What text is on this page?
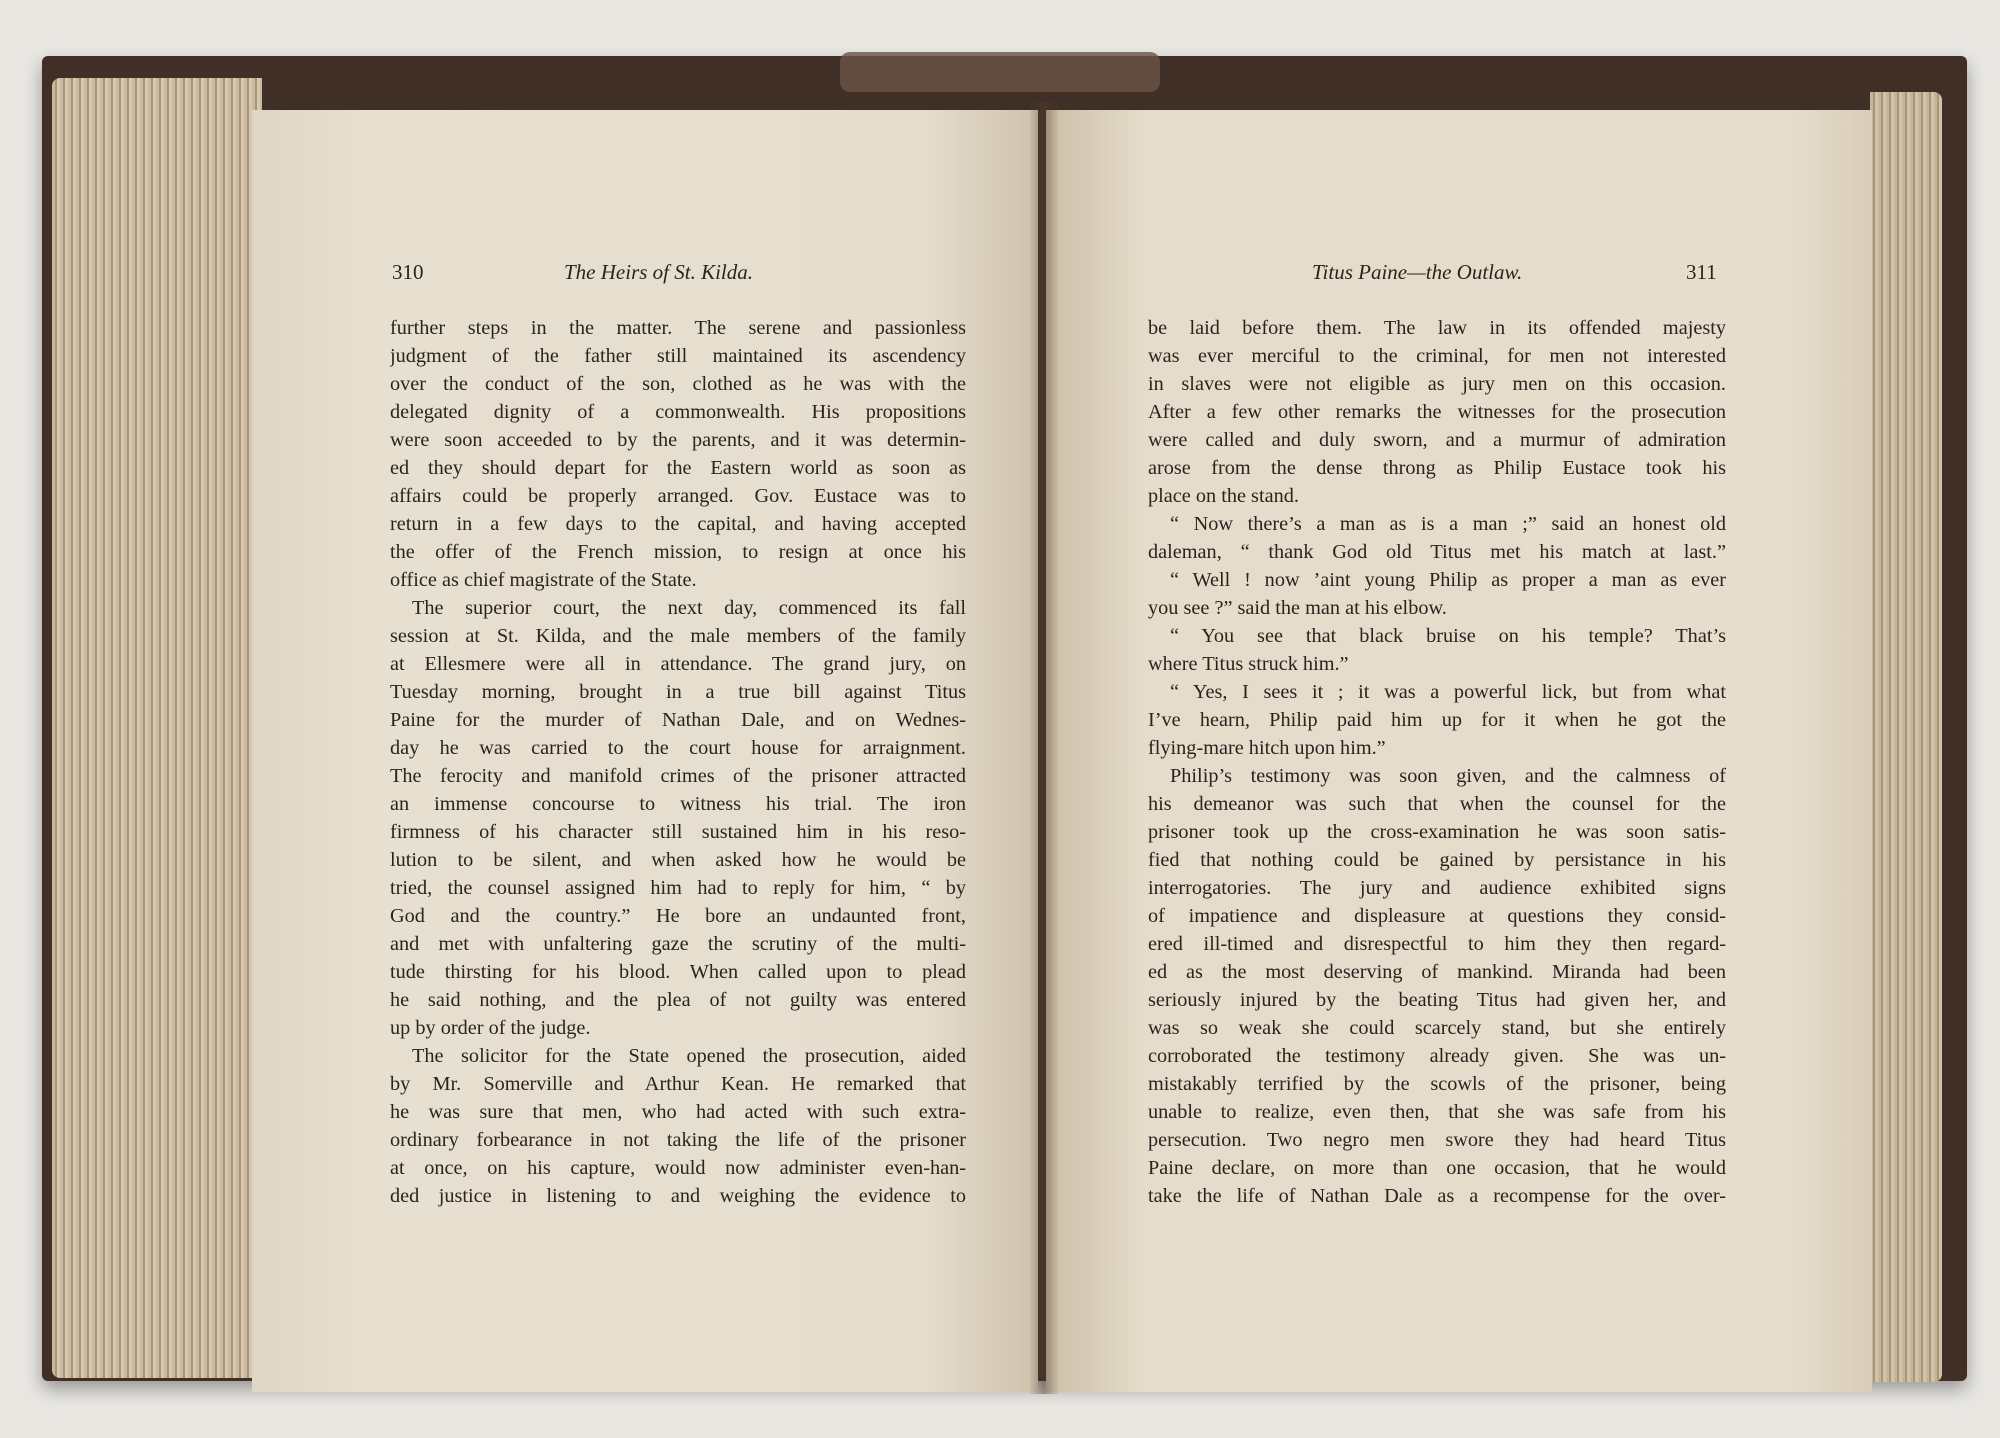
310	The Heirs of St. Kilda.
further steps in the matter. The serene and passionless
judgment of the father still maintained its ascendency
over the conduct of the son, clothed as he was with the
delegated dignity of a commonwealth. His propositions
were soon acceeded to by the parents, and it was determin-
ed they should depart for the Eastern world as soon as
affairs could be properly arranged. Gov. Eustace was to
return in a few days to the capital, and having accepted
the offer of the French mission, to resign at once his
office as chief magistrate of the State.
The superior court, the next day, commenced its fall
session at St. Kilda, and the male members of the family
at Ellesmere were all in attendance. The grand jury, on
Tuesday morning, brought in a true bill against Titus
Paine for the murder of Nathan Dale, and on Wednes-
day he was carried to the court house for arraignment.
The ferocity and manifold crimes of the prisoner attracted
an immense concourse to witness his trial. The iron
firmness of his character still sustained him in his reso-
lution to be silent, and when asked how he would be
tried, the counsel assigned him had to reply for him, “ by
God and the country.” He bore an undaunted front,
and met with unfaltering gaze the scrutiny of the multi-
tude thirsting for his blood. When called upon to plead
he said nothing, and the plea of not guilty was entered
up by order of the judge.
The solicitor for the State opened the prosecution, aided
by Mr. Somerville and Arthur Kean. He remarked that
he was sure that men, who had acted with such extra-
ordinary forbearance in not taking the life of the prisoner
at once, on his capture, would now administer even-han-
ded justice in listening to and weighing the evidence to
Titus Paine—the Outlaw.	311
be laid before them. The law in its offended majesty
was ever merciful to the criminal, for men not interested
in slaves were not eligible as jury men on this occasion.
After a few other remarks the witnesses for the prosecution
were called and duly sworn, and a murmur of admiration
arose from the dense throng as Philip Eustace took his
place on the stand.
“ Now there’s a man as is a man ;” said an honest old
daleman, “ thank God old Titus met his match at last.”
“ Well ! now ’aint young Philip as proper a man as ever
you see ?” said the man at his elbow.
“ You see that black bruise on his temple? That’s
where Titus struck him.”
“ Yes, I sees it ; it was a powerful lick, but from what
I’ve hearn, Philip paid him up for it when he got the
flying-mare hitch upon him.”
Philip’s testimony was soon given, and the calmness of
his demeanor was such that when the counsel for the
prisoner took up the cross-examination he was soon satis-
fied that nothing could be gained by persistance in his
interrogatories. The jury and audience exhibited signs
of impatience and displeasure at questions they consid-
ered ill-timed and disrespectful to him they then regard-
ed as the most deserving of mankind. Miranda had been
seriously injured by the beating Titus had given her, and
was so weak she could scarcely stand, but she entirely
corroborated the testimony already given. She was un-
mistakably terrified by the scowls of the prisoner, being
unable to realize, even then, that she was safe from his
persecution. Two negro men swore they had heard Titus
Paine declare, on more than one occasion, that he would
take the life of Nathan Dale as a recompense for the over-
